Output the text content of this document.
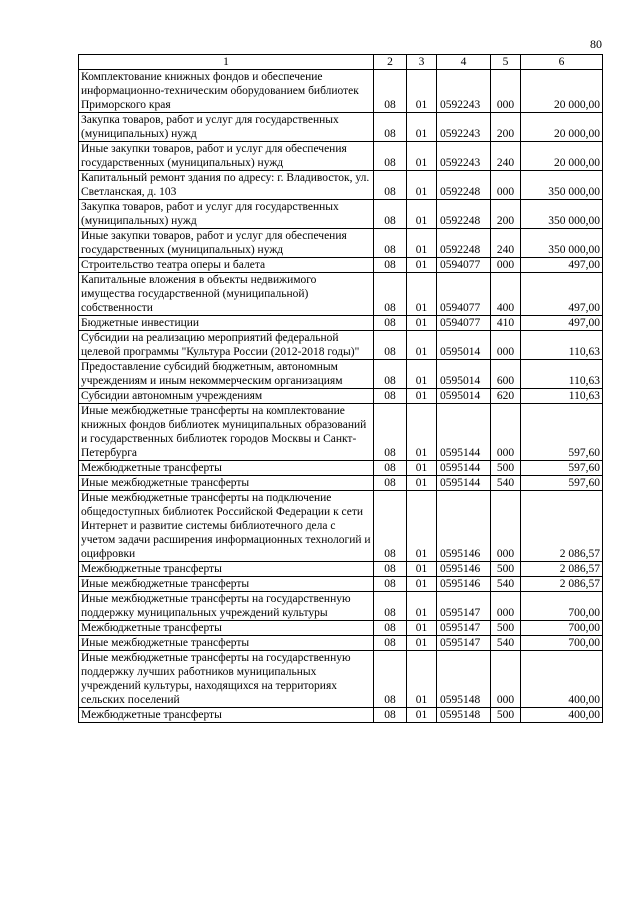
80
1	2	3	4	5	6
Комплектование книжных фондов и обеспечение информационно-техническим оборудованием библиотек Приморского края	08	01	0592243	000	20 000,00
Закупка товаров, работ и услуг для государственных (муниципальных) нужд	08	01	0592243	200	20 000,00
Иные закупки товаров, работ и услуг для обеспечения государственных (муниципальных) нужд	08	01	0592243	240	20 000,00
Капитальный ремонт здания по адресу: г. Владивосток, ул. Светланская, д. 103	08	01	0592248	000	350 000,00
Закупка товаров, работ и услуг для государственных (муниципальных) нужд	08	01	0592248	200	350 000,00
Иные закупки товаров, работ и услуг для обеспечения государственных (муниципальных) нужд	08	01	0592248	240	350 000,00
Строительство театра оперы и балета	08	01	0594077	000	497,00
Капитальные вложения в объекты недвижимого имущества государственной (муниципальной) собственности	08	01	0594077	400	497,00
Бюджетные инвестиции	08	01	0594077	410	497,00
Субсидии на реализацию мероприятий федеральной целевой программы "Культура России (2012-2018 годы)"	08	01	0595014	000	110,63
Предоставление субсидий бюджетным, автономным учреждениям и иным некоммерческим организациям	08	01	0595014	600	110,63
Субсидии автономным учреждениям	08	01	0595014	620	110,63
Иные межбюджетные трансферты на комплектование книжных фондов библиотек муниципальных образований и государственных библиотек городов Москвы и Санкт-Петербурга	08	01	0595144	000	597,60
Межбюджетные трансферты	08	01	0595144	500	597,60
Иные межбюджетные трансферты	08	01	0595144	540	597,60
Иные межбюджетные трансферты на подключение общедоступных библиотек Российской Федерации к сети Интернет и развитие системы библиотечного дела с учетом задачи расширения информационных технологий и оцифровки	08	01	0595146	000	2 086,57
Межбюджетные трансферты	08	01	0595146	500	2 086,57
Иные межбюджетные трансферты	08	01	0595146	540	2 086,57
Иные межбюджетные трансферты на государственную поддержку муниципальных учреждений культуры	08	01	0595147	000	700,00
Межбюджетные трансферты	08	01	0595147	500	700,00
Иные межбюджетные трансферты	08	01	0595147	540	700,00
Иные межбюджетные трансферты на государственную поддержку лучших работников муниципальных учреждений культуры, находящихся на территориях сельских поселений	08	01	0595148	000	400,00
Межбюджетные трансферты	08	01	0595148	500	400,00
